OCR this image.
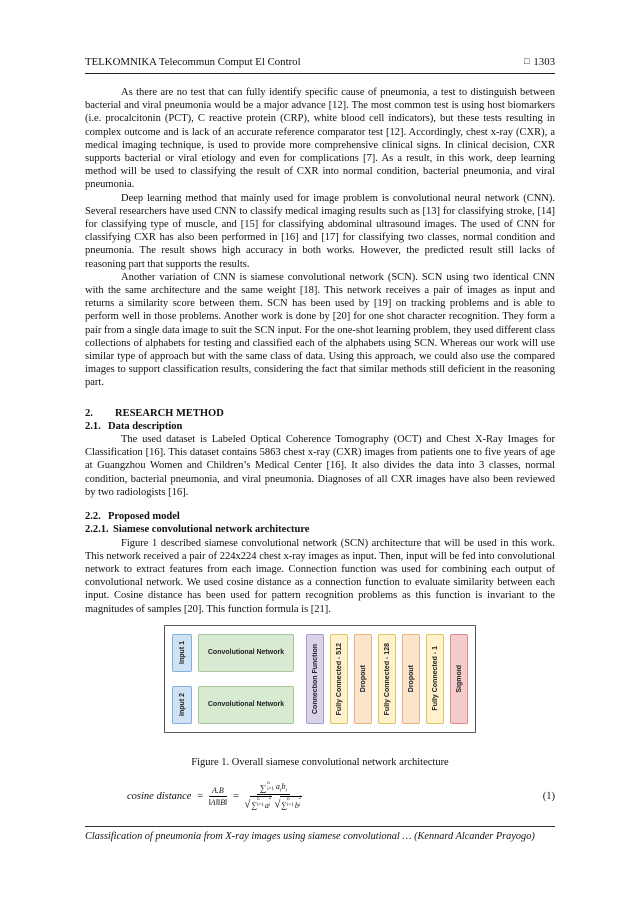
TELKOMNIKA Telecommun Comput El Control	□ 1303

As there are no test that can fully identify specific cause of pneumonia, a test to distinguish between bacterial and viral pneumonia would be a major advance [12]. The most common test is using host biomarkers (i.e. procalcitonin (PCT), C reactive protein (CRP), white blood cell indicators), but these tests resulting in complex outcome and is lack of an accurate reference comparator test [12]. Accordingly, chest x-ray (CXR), a medical imaging technique, is used to provide more comprehensive clinical signs. In clinical decision, CXR supports bacterial or viral etiology and even for complications [7]. As a result, in this work, deep learning method will be used to classifying the result of CXR into normal condition, bacterial pneumonia, and viral pneumonia.

Deep learning method that mainly used for image problem is convolutional neural network (CNN). Several researchers have used CNN to classify medical imaging results such as [13] for classifying stroke, [14] for classifying type of muscle, and [15] for classifying abdominal ultrasound images. The used of CNN for classifying CXR has also been performed in [16] and [17] for classifying two classes, normal condition and pneumonia. The result shows high accuracy in both works. However, the predicted result still lacks of reasoning part that supports the results.

Another variation of CNN is siamese convolutional network (SCN). SCN using two identical CNN with the same architecture and the same weight [18]. This network receives a pair of images as input and returns a similarity score between them. SCN has been used by [19] on tracking problems and is able to perform well in those problems. Another work is done by [20] for one shot character recognition. They form a pair from a single data image to suit the SCN input. For the one-shot learning problem, they used different class collections of alphabets for testing and classified each of the alphabets using SCN. Whereas our work will use similar type of approach but with the same class of data. Using this approach, we could also use the compared images to support classification results, considering the fact that similar methods still deficient in the reasoning part.

2. RESEARCH METHOD
2.1. Data description

The used dataset is Labeled Optical Coherence Tomography (OCT) and Chest X-Ray Images for Classification [16]. This dataset contains 5863 chest x-ray (CXR) images from patients one to five years of age at Guangzhou Women and Children’s Medical Center [16]. It also divides the data into 3 classes, normal condition, bacterial pneumonia, and viral pneumonia. Diagnoses of all CXR images have also been reviewed by two radiologists [16].

2.2. Proposed model
2.2.1. Siamese convolutional network architecture

Figure 1 described siamese convolutional network (SCN) architecture that will be used in this work. This network received a pair of 224x224 chest x-ray images as input. Then, input will be fed into convolutional network to extract features from each image. Connection function was used for combining each output of convolutional network. We used cosine distance as a connection function to evaluate similarity between each input. Cosine distance has been used for pattern recognition problems as this function is invariant to the magnitudes of samples [20]. This function formula is [21].

Input 1	Convolutional Network
Input 2	Convolutional Network	Connection Function Fully Connected - 512 Dropout Fully Connected - 128 Dropout Fully Connected - 1 Sigmoid
Figure 1. Overall siamese convolutional network architecture
cosine distance = $\frac{A.B}{‖A‖‖B‖}$ = ∑ n
i=1 $a_ib_i$
√ ∑
n
i=1 a
2
i √ ∑
n
i=1 b
2
i	(1)
Classification of pneumonia from X-ray images using siamese convolutional … (Kennard Alcander Prayogo)
